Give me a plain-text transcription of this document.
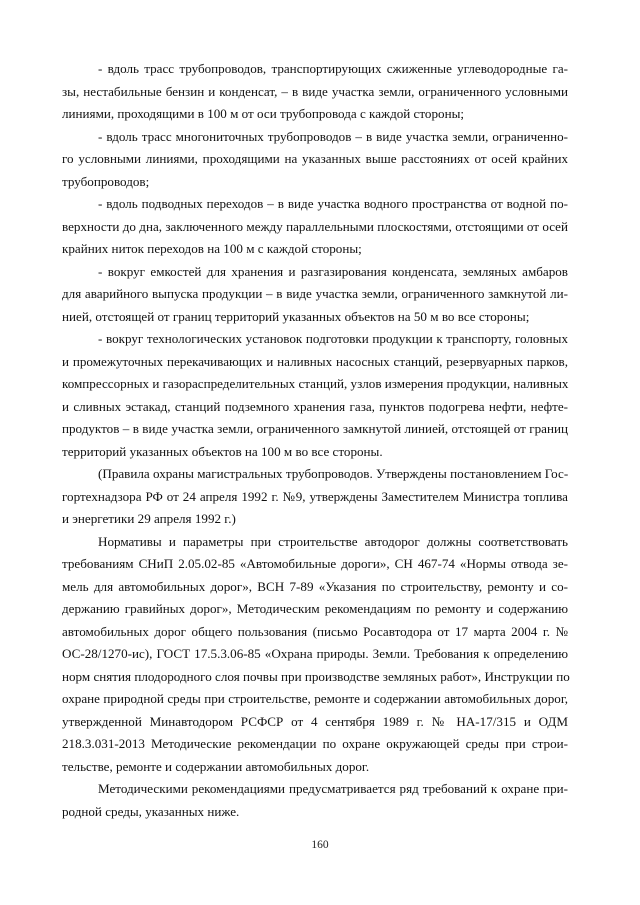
- вдоль трасс трубопроводов, транспортирующих сжиженные углеводородные га-
зы, нестабильные бензин и конденсат, – в виде участка земли, ограниченного условными
линиями, проходящими в 100 м от оси трубопровода с каждой стороны;
- вдоль трасс многониточных трубопроводов – в виде участка земли, ограниченно-
го условными линиями, проходящими на указанных выше расстояниях от осей крайних
трубопроводов;
- вдоль подводных переходов – в виде участка водного пространства от водной по-
верхности до дна, заключенного между параллельными плоскостями, отстоящими от осей
крайних ниток переходов на 100 м с каждой стороны;
- вокруг емкостей для хранения и разгазирования конденсата, земляных амбаров
для аварийного выпуска продукции – в виде участка земли, ограниченного замкнутой ли-
нией, отстоящей от границ территорий указанных объектов на 50 м во все стороны;
- вокруг технологических установок подготовки продукции к транспорту, головных
и промежуточных перекачивающих и наливных насосных станций, резервуарных парков,
компрессорных и газораспределительных станций, узлов измерения продукции, наливных
и сливных эстакад, станций подземного хранения газа, пунктов подогрева нефти, нефте-
продуктов – в виде участка земли, ограниченного замкнутой линией, отстоящей от границ
территорий указанных объектов на 100 м во все стороны.
(Правила охраны магистральных трубопроводов. Утверждены постановлением Гос-
гортехнадзора РФ от 24 апреля 1992 г. №9, утверждены Заместителем Министра топлива
и энергетики 29 апреля 1992 г.)
Нормативы и параметры при строительстве автодорог должны соответствовать
требованиям СНиП 2.05.02-85 «Автомобильные дороги», СН 467-74 «Нормы отвода зе-
мель для автомобильных дорог», ВСН 7-89 «Указания по строительству, ремонту и со-
держанию гравийных дорог», Методическим рекомендациям по ремонту и содержанию
автомобильных дорог общего пользования (письмо Росавтодора от 17 марта 2004 г. №
ОС-28/1270-ис), ГОСТ 17.5.3.06-85 «Охрана природы. Земли. Требования к определению
норм снятия плодородного слоя почвы при производстве земляных работ», Инструкции по
охране природной среды при строительстве, ремонте и содержании автомобильных дорог,
утвержденной Минавтодором РСФСР от 4 сентября 1989 г. № НА-17/315 и ОДМ
218.3.031-2013 Методические рекомендации по охране окружающей среды при строи-
тельстве, ремонте и содержании автомобильных дорог.
Методическими рекомендациями предусматривается ряд требований к охране при-
родной среды, указанных ниже.
160
